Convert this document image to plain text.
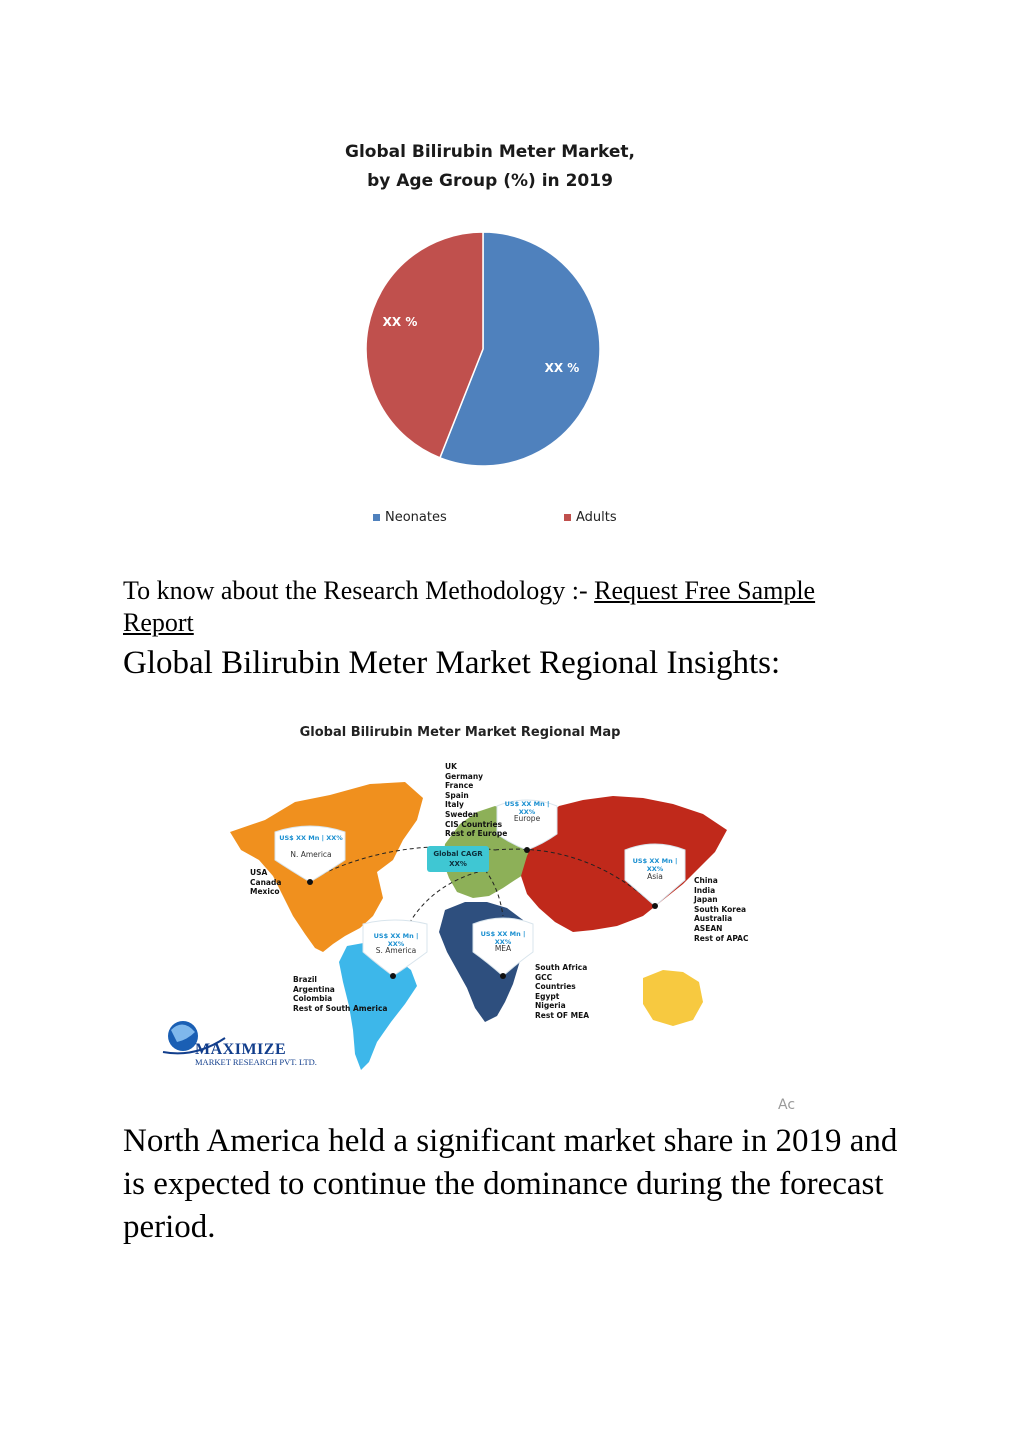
Global Bilirubin Meter Market,
by Age Group (%) in 2019
XX %
XX %
Neonates	Adults
To know about the Research Methodology :- Request Free Sample Report
Global Bilirubin Meter Market Regional Insights:
Global Bilirubin Meter Market Regional Map
US$ XX Mn | XX%
N. America
US$ XX Mn | XX%
S. America
US$ XX Mn | XX%
Europe
US$ XX Mn | XX%
MEA
US$ XX Mn | XX%
Asia
Global CAGR
XX%
USA
Canada
Mexico
UK
Germany
France
Spain
Italy
Sweden
CIS Countries
Rest of Europe
China
India
Japan
South Korea
Australia
ASEAN
Rest of APAC
Brazil
Argentina
Colombia
Rest of South America
South Africa
GCC
Countries
Egypt
Nigeria
Rest OF MEA
MAXIMIZE
MARKET RESEARCH PVT. LTD.
Ac
North America held a significant market share in 2019 and is expected to continue the dominance during the forecast period.
